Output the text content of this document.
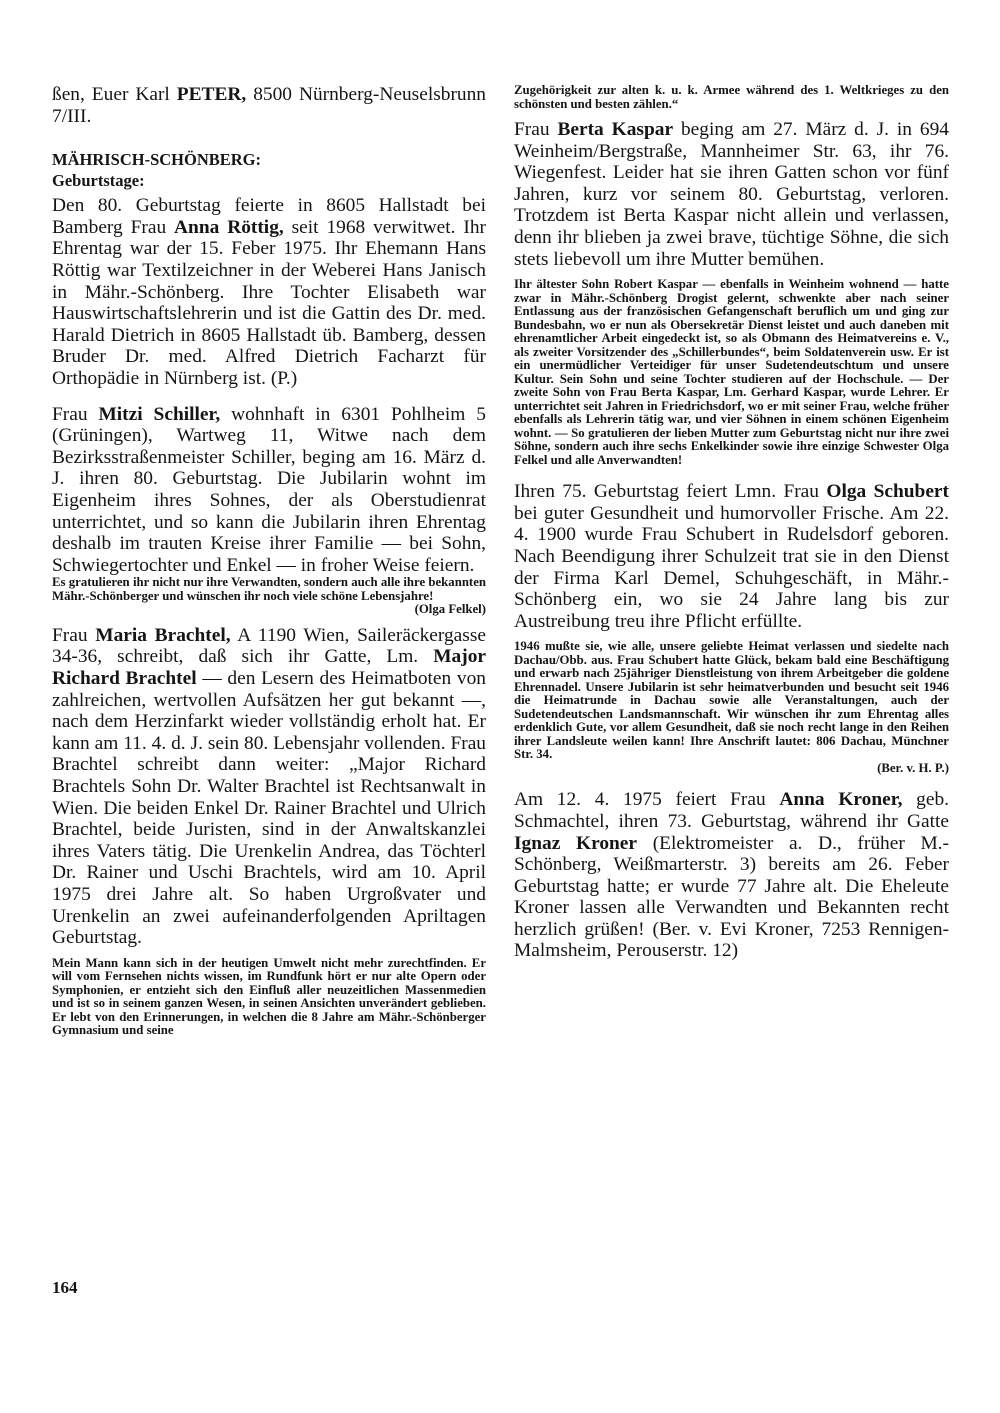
ßen, Euer Karl PETER, 8500 Nürnberg-Neuselsbrunn 7/III.

MÄHRISCH-SCHÖNBERG:

Geburtstage:

Den 80. Geburtstag feierte in 8605 Hallstadt bei Bamberg Frau Anna Röttig, seit 1968 verwitwet. Ihr Ehrentag war der 15. Feber 1975. Ihr Ehemann Hans Röttig war Textilzeichner in der Weberei Hans Janisch in Mähr.-Schönberg. Ihre Tochter Elisabeth war Hauswirtschaftslehrerin und ist die Gattin des Dr. med. Harald Dietrich in 8605 Hallstadt üb. Bamberg, dessen Bruder Dr. med. Alfred Dietrich Facharzt für Orthopädie in Nürnberg ist. (P.)

Frau Mitzi Schiller, wohnhaft in 6301 Pohlheim 5 (Grüningen), Wartweg 11, Witwe nach dem Bezirksstraßenmeister Schiller, beging am 16. März d. J. ihren 80. Geburtstag. Die Jubilarin wohnt im Eigenheim ihres Sohnes, der als Oberstudienrat unterrichtet, und so kann die Jubilarin ihren Ehrentag deshalb im trauten Kreise ihrer Familie — bei Sohn, Schwiegertochter und Enkel — in froher Weise feiern.

Es gratulieren ihr nicht nur ihre Verwandten, sondern auch alle ihre bekannten Mähr.-Schönberger und wünschen ihr noch viele schöne Lebensjahre!

(Olga Felkel)

Frau Maria Brachtel, A 1190 Wien, Saileräckergasse 34-36, schreibt, daß sich ihr Gatte, Lm. Major Richard Brachtel — den Lesern des Heimatboten von zahlreichen, wertvollen Aufsätzen her gut bekannt —, nach dem Herzinfarkt wieder vollständig erholt hat. Er kann am 11. 4. d. J. sein 80. Lebensjahr vollenden. Frau Brachtel schreibt dann weiter: „Major Richard Brachtels Sohn Dr. Walter Brachtel ist Rechtsanwalt in Wien. Die beiden Enkel Dr. Rainer Brachtel und Ulrich Brachtel, beide Juristen, sind in der Anwaltskanzlei ihres Vaters tätig. Die Urenkelin Andrea, das Töchterl Dr. Rainer und Uschi Brachtels, wird am 10. April 1975 drei Jahre alt. So haben Urgroßvater und Urenkelin an zwei aufeinanderfolgenden Apriltagen Geburtstag.

Mein Mann kann sich in der heutigen Umwelt nicht mehr zurechtfinden. Er will vom Fernsehen nichts wissen, im Rundfunk hört er nur alte Opern oder Symphonien, er entzieht sich den Einfluß aller neuzeitlichen Massenmedien und ist so in seinem ganzen Wesen, in seinen Ansichten unverändert geblieben. Er lebt von den Erinnerungen, in welchen die 8 Jahre am Mähr.-Schönberger Gymnasium und seine

Zugehörigkeit zur alten k. u. k. Armee während des 1. Weltkrieges zu den schönsten und besten zählen.“

Frau Berta Kaspar beging am 27. März d. J. in 694 Weinheim/Bergstraße, Mannheimer Str. 63, ihr 76. Wiegenfest. Leider hat sie ihren Gatten schon vor fünf Jahren, kurz vor seinem 80. Geburtstag, verloren. Trotzdem ist Berta Kaspar nicht allein und verlassen, denn ihr blieben ja zwei brave, tüchtige Söhne, die sich stets liebevoll um ihre Mutter bemühen.

Ihr ältester Sohn Robert Kaspar — ebenfalls in Weinheim wohnend — hatte zwar in Mähr.-Schönberg Drogist gelernt, schwenkte aber nach seiner Entlassung aus der französischen Gefangenschaft beruflich um und ging zur Bundesbahn, wo er nun als Obersekretär Dienst leistet und auch daneben mit ehrenamtlicher Arbeit eingedeckt ist, so als Obmann des Heimatvereins e. V., als zweiter Vorsitzender des „Schillerbundes“, beim Soldatenverein usw. Er ist ein unermüdlicher Verteidiger für unser Sudetendeutschtum und unsere Kultur. Sein Sohn und seine Tochter studieren auf der Hochschule. — Der zweite Sohn von Frau Berta Kaspar, Lm. Gerhard Kaspar, wurde Lehrer. Er unterrichtet seit Jahren in Friedrichsdorf, wo er mit seiner Frau, welche früher ebenfalls als Lehrerin tätig war, und vier Söhnen in einem schönen Eigenheim wohnt. — So gratulieren der lieben Mutter zum Geburtstag nicht nur ihre zwei Söhne, sondern auch ihre sechs Enkelkinder sowie ihre einzige Schwester Olga Felkel und alle Anverwandten!

Ihren 75. Geburtstag feiert Lmn. Frau Olga Schubert bei guter Gesundheit und humorvoller Frische. Am 22. 4. 1900 wurde Frau Schubert in Rudelsdorf geboren. Nach Beendigung ihrer Schulzeit trat sie in den Dienst der Firma Karl Demel, Schuhgeschäft, in Mähr.-Schönberg ein, wo sie 24 Jahre lang bis zur Austreibung treu ihre Pflicht erfüllte.

1946 mußte sie, wie alle, unsere geliebte Heimat verlassen und siedelte nach Dachau/Obb. aus. Frau Schubert hatte Glück, bekam bald eine Beschäftigung und erwarb nach 25jähriger Dienstleistung von ihrem Arbeitgeber die goldene Ehrennadel. Unsere Jubilarin ist sehr heimatverbunden und besucht seit 1946 die Heimatrunde in Dachau sowie alle Veranstaltungen, auch der Sudetendeutschen Landsmannschaft. Wir wünschen ihr zum Ehrentag alles erdenklich Gute, vor allem Gesundheit, daß sie noch recht lange in den Reihen ihrer Landsleute weilen kann! Ihre Anschrift lautet: 806 Dachau, Münchner Str. 34.

(Ber. v. H. P.)

Am 12. 4. 1975 feiert Frau Anna Kroner, geb. Schmachtel, ihren 73. Geburtstag, während ihr Gatte Ignaz Kroner (Elektromeister a. D., früher M.-Schönberg, Weißmarterstr. 3) bereits am 26. Feber Geburtstag hatte; er wurde 77 Jahre alt. Die Eheleute Kroner lassen alle Verwandten und Bekannten recht herzlich grüßen! (Ber. v. Evi Kroner, 7253 Rennigen-Malmsheim, Perouserstr. 12)

164
